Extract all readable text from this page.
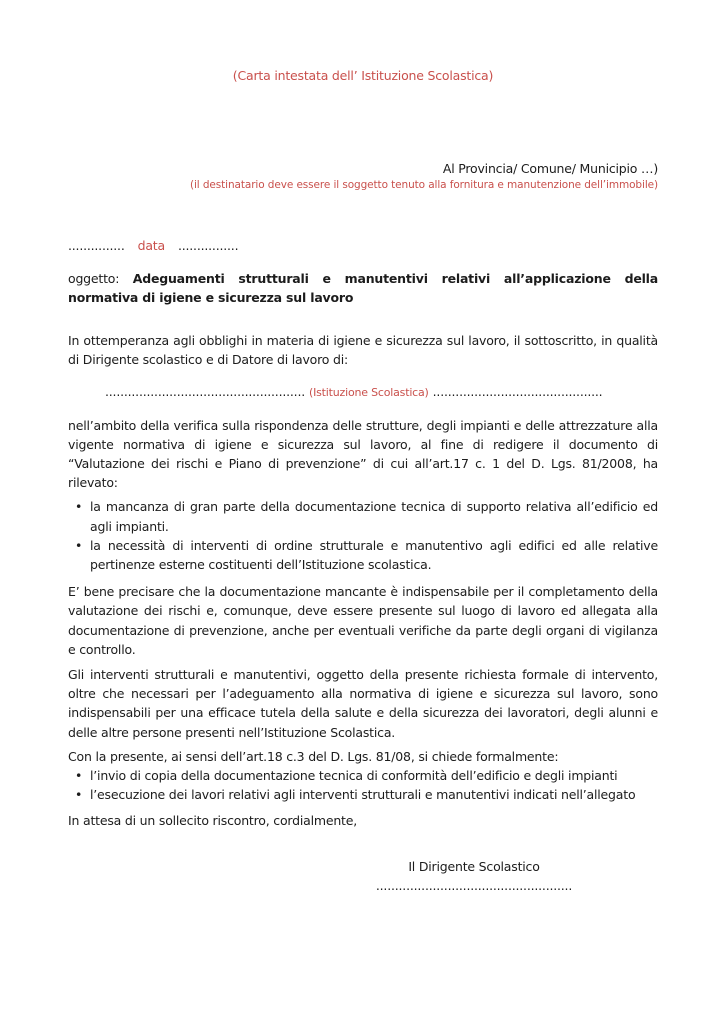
(Carta intestata dell’ Istituzione Scolastica)
Al Provincia/ Comune/ Municipio …)
(il destinatario deve essere il soggetto tenuto alla fornitura e manutenzione dell’immobile)
............... data ................
oggetto: Adeguamenti strutturali e manutentivi relativi all’applicazione della normativa di igiene e sicurezza sul lavoro

In ottemperanza agli obblighi in materia di igiene e sicurezza sul lavoro, il sottoscritto, in qualità di Dirigente scolastico e di Datore di lavoro di:

..................................................... (Istituzione Scolastica) .............................................

nell’ambito della verifica sulla rispondenza delle strutture, degli impianti e delle attrezzature alla vigente normativa di igiene e sicurezza sul lavoro, al fine di redigere il documento di “Valutazione dei rischi e Piano di prevenzione” di cui all’art.17 c. 1 del D. Lgs. 81/2008, ha rilevato:

• la mancanza di gran parte della documentazione tecnica di supporto relativa all’edificio ed agli impianti.
• la necessità di interventi di ordine strutturale e manutentivo agli edifici ed alle relative pertinenze esterne costituenti dell’Istituzione scolastica.

E’ bene precisare che la documentazione mancante è indispensabile per il completamento della valutazione dei rischi e, comunque, deve essere presente sul luogo di lavoro ed allegata alla documentazione di prevenzione, anche per eventuali verifiche da parte degli organi di vigilanza e controllo.

Gli interventi strutturali e manutentivi, oggetto della presente richiesta formale di intervento, oltre che necessari per l’adeguamento alla normativa di igiene e sicurezza sul lavoro, sono indispensabili per una efficace tutela della salute e della sicurezza dei lavoratori, degli alunni e delle altre persone presenti nell’Istituzione Scolastica.

Con la presente, ai sensi dell’art.18 c.3 del D. Lgs. 81/08, si chiede formalmente:

• l’invio di copia della documentazione tecnica di conformità dell’edificio e degli impianti
• l’esecuzione dei lavori relativi agli interventi strutturali e manutentivi indicati nell’allegato

In attesa di un sollecito riscontro, cordialmente,

Il Dirigente Scolastico
....................................................
